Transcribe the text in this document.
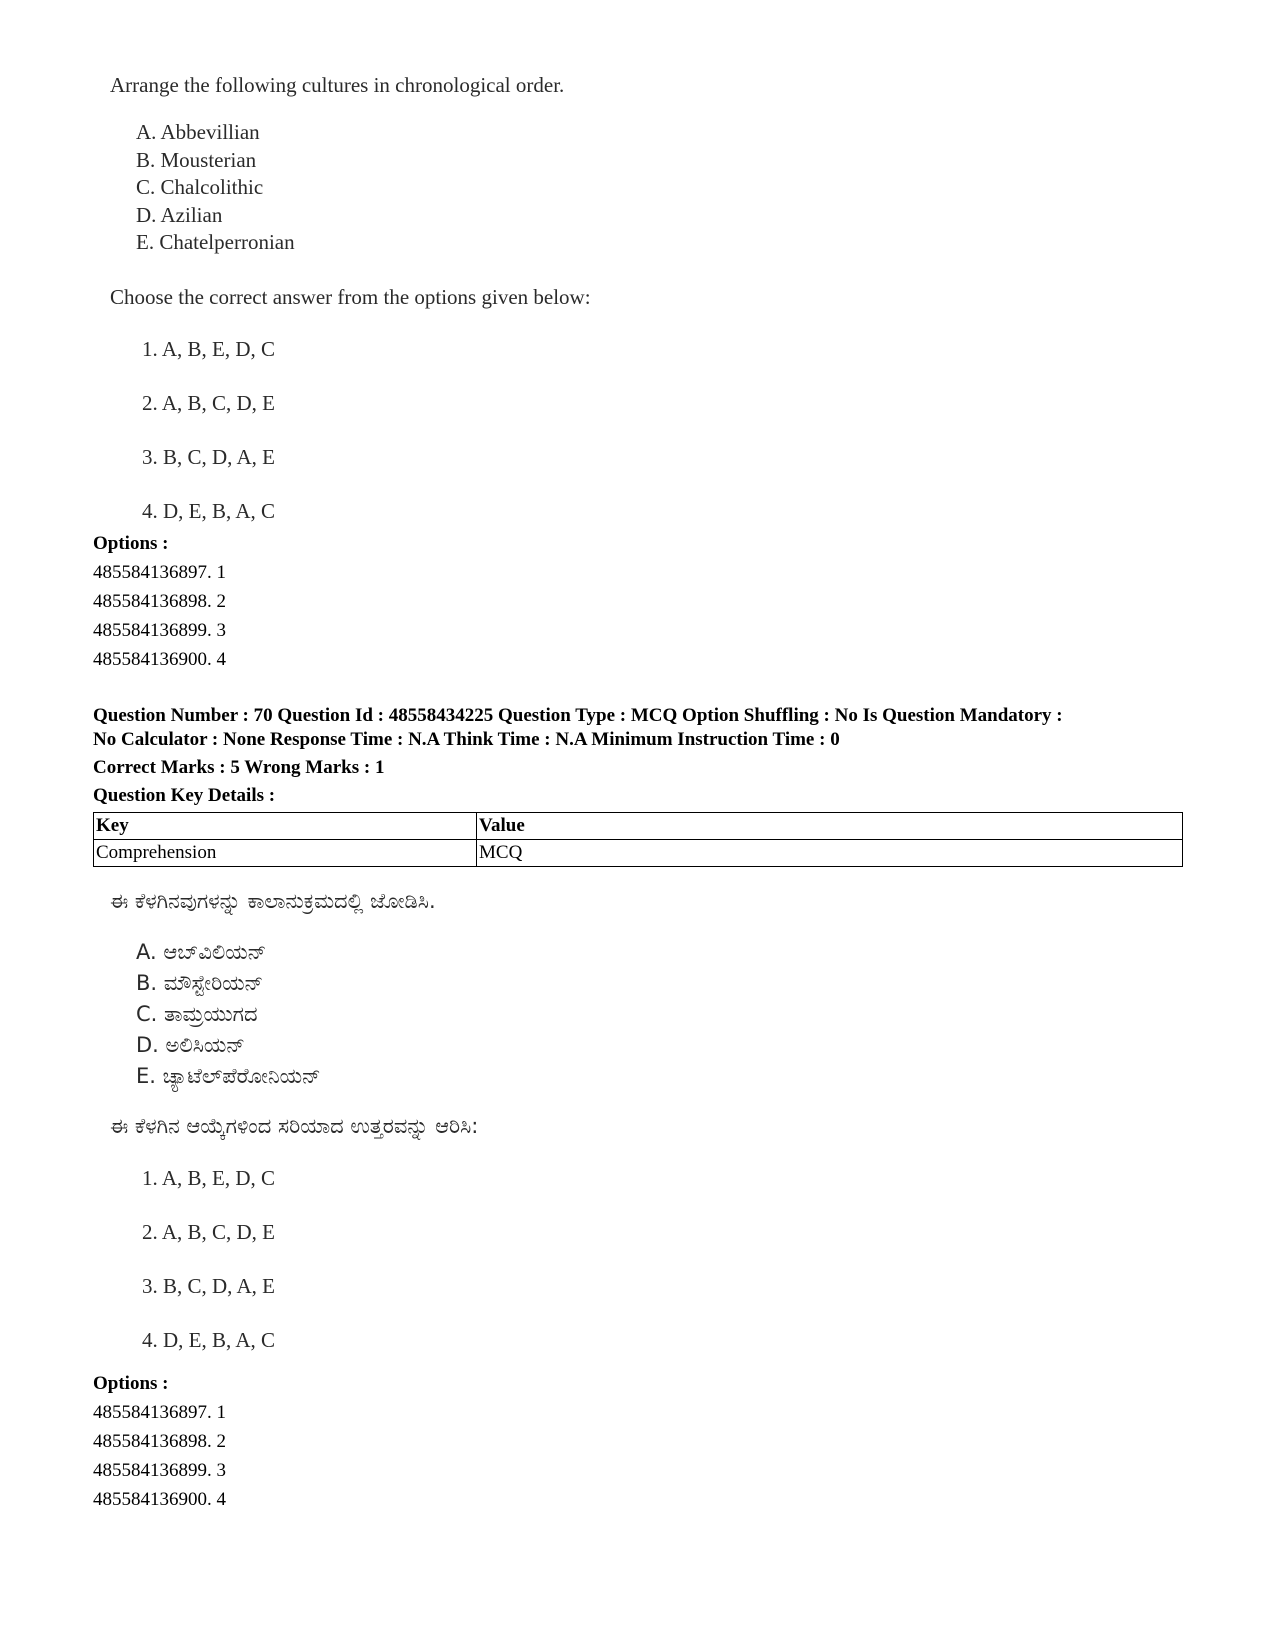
Arrange the following cultures in chronological order.
A. Abbevillian
B. Mousterian
C. Chalcolithic
D. Azilian
E. Chatelperronian
Choose the correct answer from the options given below:
1. A, B, E, D, C
2. A, B, C, D, E
3. B, C, D, A, E
4. D, E, B, A, C
Options :
485584136897. 1
485584136898. 2
485584136899. 3
485584136900. 4
Question Number : 70 Question Id : 48558434225 Question Type : MCQ Option Shuffling : No Is Question Mandatory :
No Calculator : None Response Time : N.A Think Time : N.A Minimum Instruction Time : 0
Correct Marks : 5 Wrong Marks : 1
Question Key Details :
Key	Value
Comprehension	MCQ
ಈ ಕೆಳಗಿನವುಗಳನ್ನು ಕಾಲಾನುಕ್ರಮದಲ್ಲಿ ಜೋಡಿಸಿ.
A. ಆಬ್‌ವಿಲಿಯನ್
B. ಮೌಸ್ಟೇರಿಯನ್
C. ತಾಮ್ರಯುಗದ
D. ಅಲಿಸಿಯನ್
E. ಚ್ಯಾಟೆಲ್‌ಪೆರೋನಿಯನ್
ಈ ಕೆಳಗಿನ ಆಯ್ಕೆಗಳಿಂದ ಸರಿಯಾದ ಉತ್ತರವನ್ನು ಆರಿಸಿ:
1. A, B, E, D, C
2. A, B, C, D, E
3. B, C, D, A, E
4. D, E, B, A, C
Options :
485584136897. 1
485584136898. 2
485584136899. 3
485584136900. 4
